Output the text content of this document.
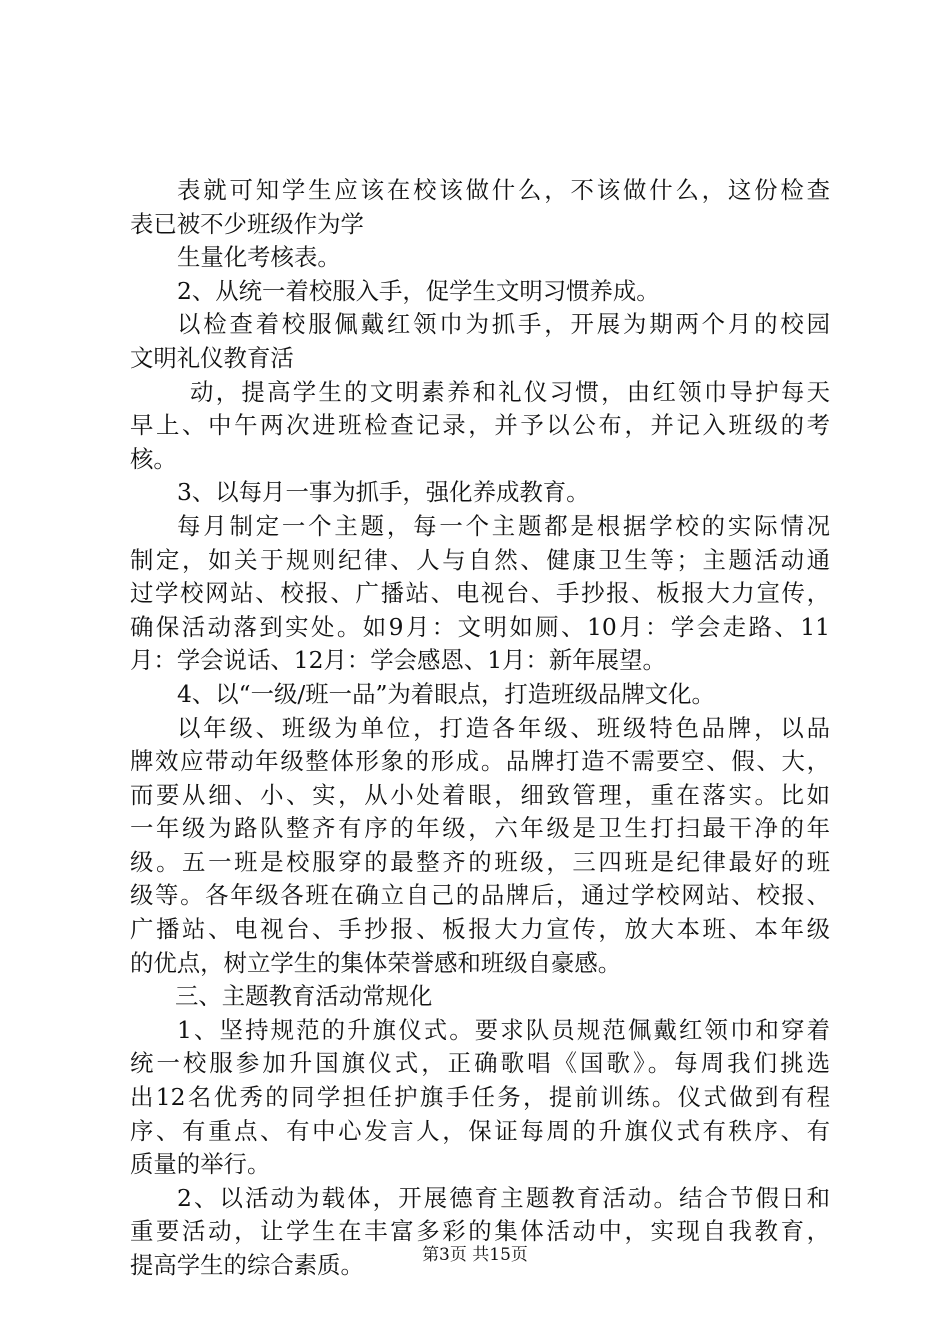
表就可知学生应该在校该做什么，不该做什么，这份检查
表已被不少班级作为学
生量化考核表。
2、从统一着校服入手，促学生文明习惯养成。
以检查着校服佩戴红领巾为抓手，开展为期两个月的校园
文明礼仪教育活
动，提高学生的文明素养和礼仪习惯，由红领巾导护每天
早上、中午两次进班检查记录，并予以公布，并记入班级的考
核。
3、以每月一事为抓手，强化养成教育。
每月制定一个主题，每一个主题都是根据学校的实际情况
制定，如关于规则纪律、人与自然、健康卫生等；主题活动通
过学校网站、校报、广播站、电视台、手抄报、板报大力宣传，
确保活动落到实处。如9月：文明如厕、10月：学会走路、11
月：学会说话、12月：学会感恩、1月：新年展望。
4、以“一级/班一品”为着眼点，打造班级品牌文化。
以年级、班级为单位，打造各年级、班级特色品牌，以品
牌效应带动年级整体形象的形成。品牌打造不需要空、假、大，
而要从细、小、实，从小处着眼，细致管理，重在落实。比如
一年级为路队整齐有序的年级，六年级是卫生打扫最干净的年
级。五一班是校服穿的最整齐的班级，三四班是纪律最好的班
级等。各年级各班在确立自己的品牌后，通过学校网站、校报、
广播站、电视台、手抄报、板报大力宣传，放大本班、本年级
的优点，树立学生的集体荣誉感和班级自豪感。
三、主题教育活动常规化
1、坚持规范的升旗仪式。要求队员规范佩戴红领巾和穿着
统一校服参加升国旗仪式，正确歌唱《国歌》。每周我们挑选
出12名优秀的同学担任护旗手任务，提前训练。仪式做到有程
序、有重点、有中心发言人，保证每周的升旗仪式有秩序、有
质量的举行。
2、以活动为载体，开展德育主题教育活动。结合节假日和
重要活动，让学生在丰富多彩的集体活动中，实现自我教育，
提高学生的综合素质。	第3页 共15页
